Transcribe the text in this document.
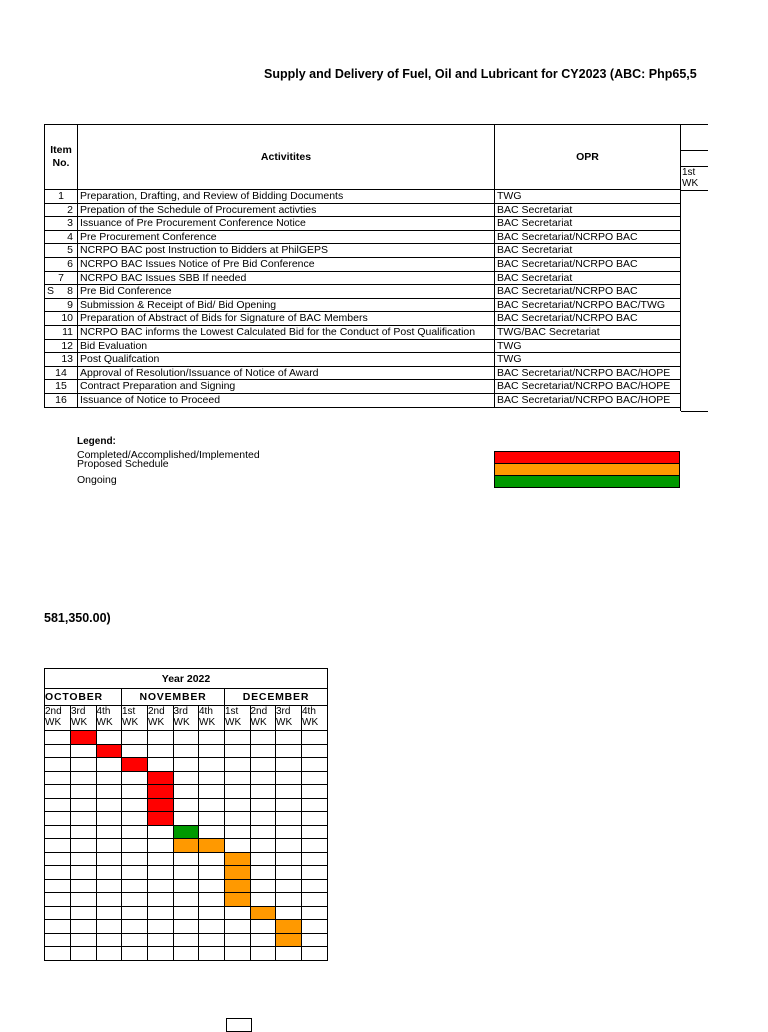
Supply and Delivery of Fuel, Oil and Lubricant for CY2023 (ABC: Php65,5
Item No.	Activitites	OPR
1	Preparation, Drafting, and Review of Bidding Documents	TWG
2	Prepation of the Schedule of Procurement activties	BAC Secretariat
3	Issuance of Pre Procurement Conference Notice	BAC Secretariat
4	Pre Procurement Conference	BAC Secretariat/NCRPO BAC
5	NCRPO BAC post Instruction to Bidders at PhilGEPS	BAC Secretariat
6	NCRPO BAC Issues Notice of Pre Bid Conference	BAC Secretariat/NCRPO BAC
7	NCRPO BAC Issues SBB If needed	BAC Secretariat

S 8	Pre Bid Conference	BAC Secretariat/NCRPO BAC
9	Submission & Receipt of Bid/ Bid Opening	BAC Secretariat/NCRPO BAC/TWG
10	Preparation of Abstract of Bids for Signature of BAC Members	BAC Secretariat/NCRPO BAC
11	NCRPO BAC informs the Lowest Calculated Bid for the Conduct of Post Qualification	TWG/BAC Secretariat
12	Bid Evaluation	TWG
13	Post Qualifcation	TWG
14	Approval of Resolution/Issuance of Notice of Award	BAC Secretariat/NCRPO BAC/HOPE
15	Contract Preparation and Signing	BAC Secretariat/NCRPO BAC/HOPE
16	Issuance of Notice to Proceed	BAC Secretariat/NCRPO BAC/HOPE
1st WK
Legend:
Completed/Accomplished/Implemented
Proposed Schedule
Ongoing
581,350.00)
Year 2022										
OCTOBER			NOVEMBER				DECEMBER			
2nd WK	3rd WK	4th WK	1st WK	2nd WK	3rd WK	4th WK	1st WK	2nd WK	3rd WK	4th WK
